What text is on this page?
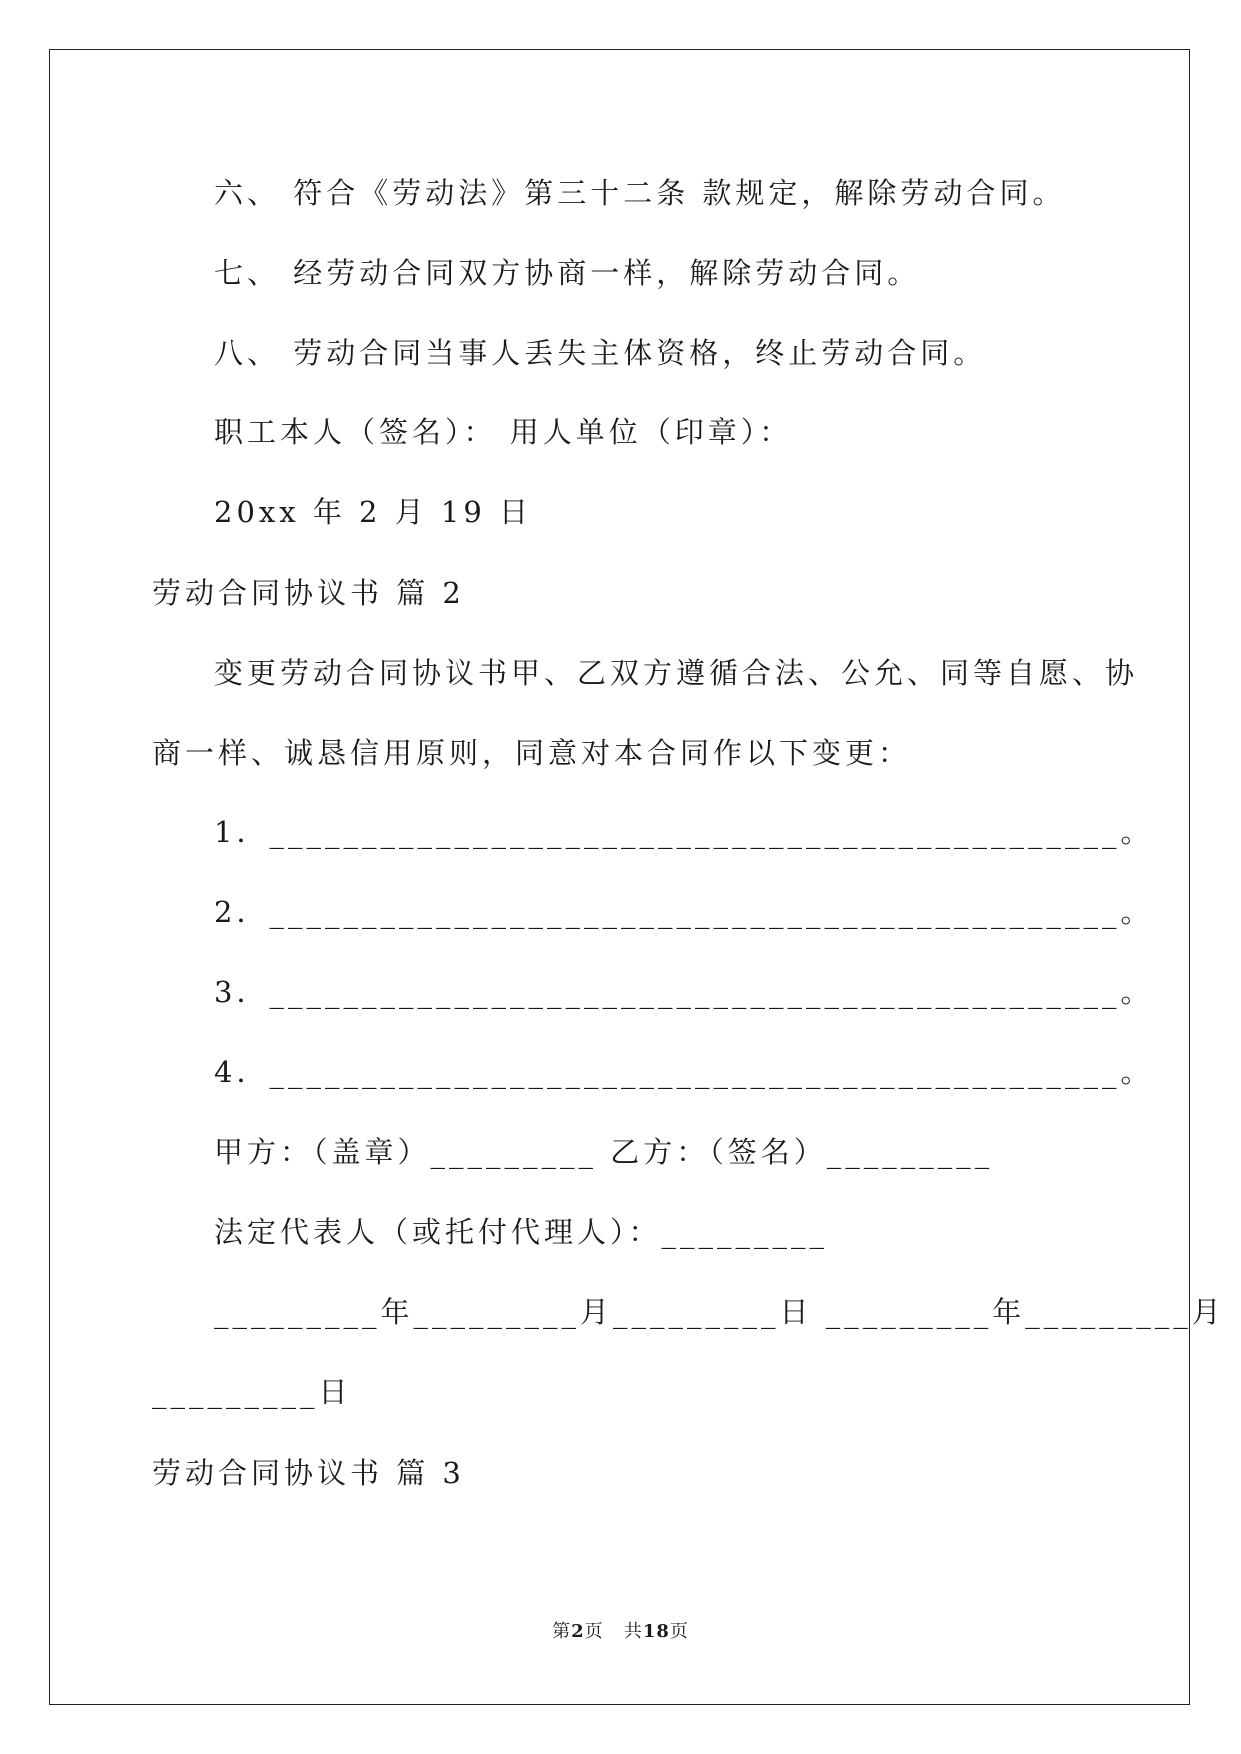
六、 符合《劳动法》第三十二条 款规定，解除劳动合同。
七、 经劳动合同双方协商一样，解除劳动合同。
八、 劳动合同当事人丢失主体资格，终止劳动合同。
职工本人（签名）： 用人单位（印章）：
20xx 年 2 月 19 日
劳动合同协议书 篇 2
变更劳动合同协议书甲、乙双方遵循合法、公允、同等自愿、协
商一样、诚恳信用原则，同意对本合同作以下变更：
1．______________________________________________。
2．______________________________________________。
3．______________________________________________。
4．______________________________________________。
甲方：（盖章）_________ 乙方：（签名）_________
法定代表人（或托付代理人）：_________
_________年_________月_________日 _________年_________月
_________日
劳动合同协议书 篇 3
第2页 共18页
